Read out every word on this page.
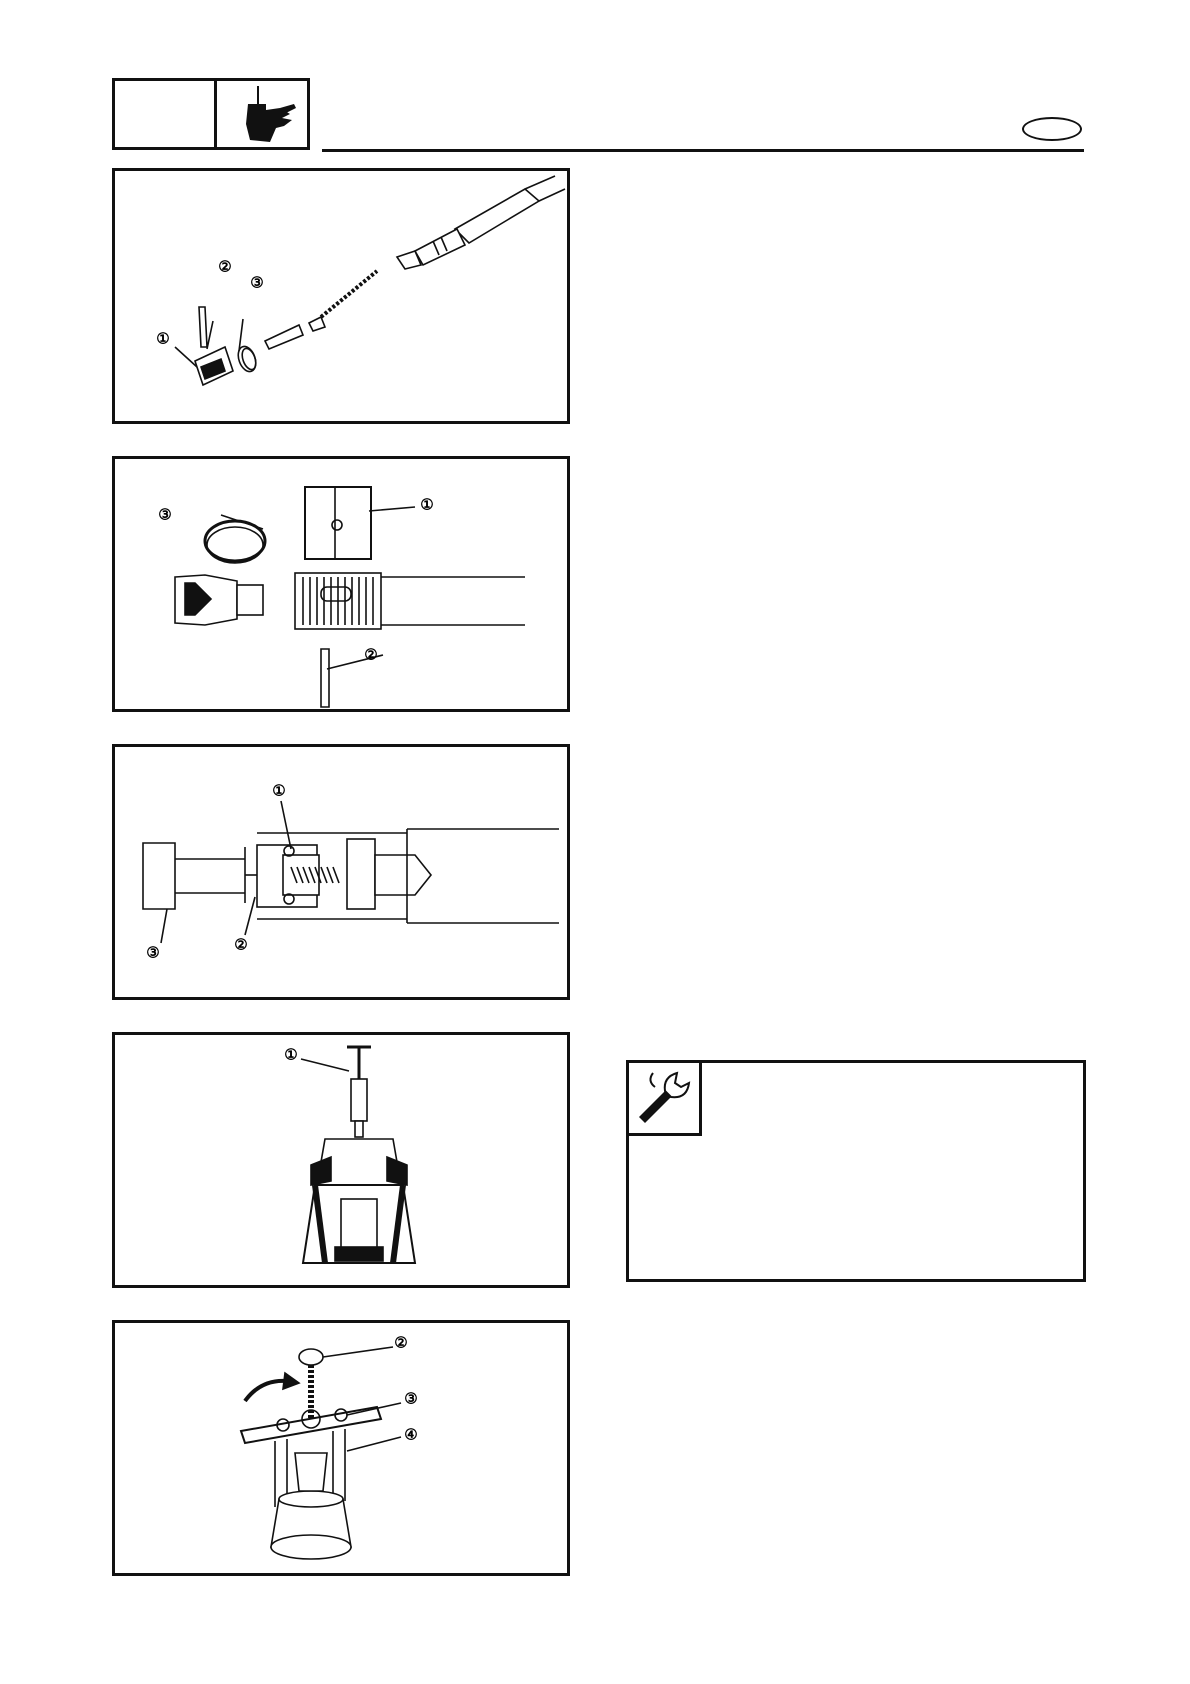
①
②
③
①
②
③
①
②
③
①
②
③
④
